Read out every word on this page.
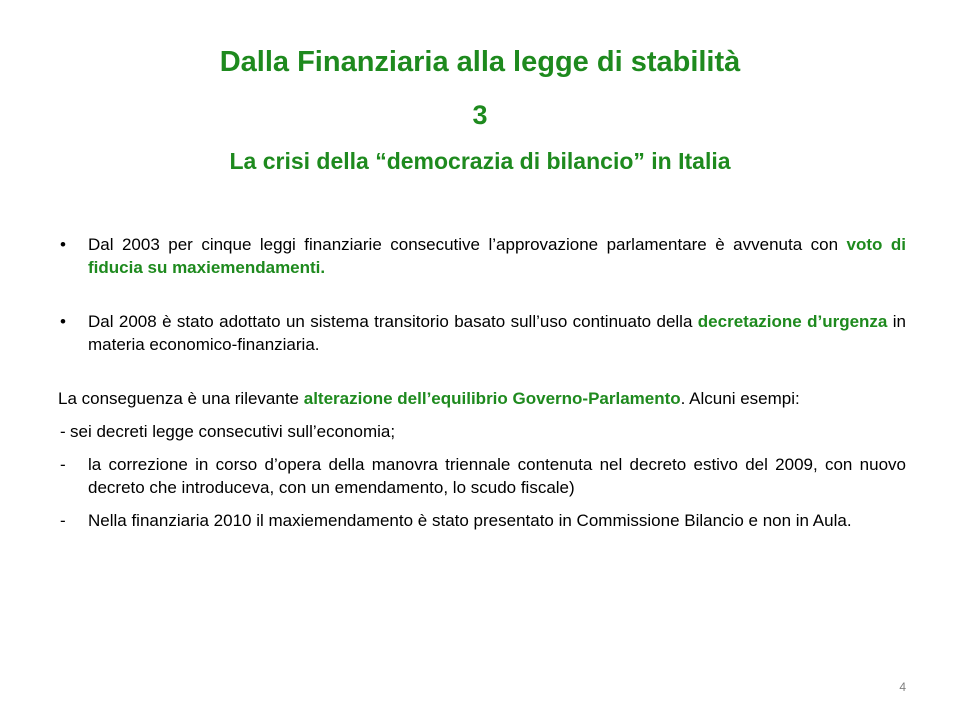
Dalla Finanziaria alla legge di stabilità
3
La crisi della “democrazia di bilancio” in Italia
• Dal 2003 per cinque leggi finanziarie consecutive l’approvazione parlamentare è avvenuta con voto di fiducia su maxiemendamenti.
• Dal 2008 è stato adottato un sistema transitorio basato sull’uso continuato della decretazione d’urgenza in materia economico-finanziaria.
La conseguenza è una rilevante alterazione dell’equilibrio Governo-Parlamento. Alcuni esempi:
- sei decreti legge consecutivi sull’economia;
- la correzione in corso d’opera della manovra triennale contenuta nel decreto estivo del 2009, con nuovo decreto che introduceva, con un emendamento, lo scudo fiscale)
- Nella finanziaria 2010 il maxiemendamento è stato presentato in Commissione Bilancio e non in Aula.
4
